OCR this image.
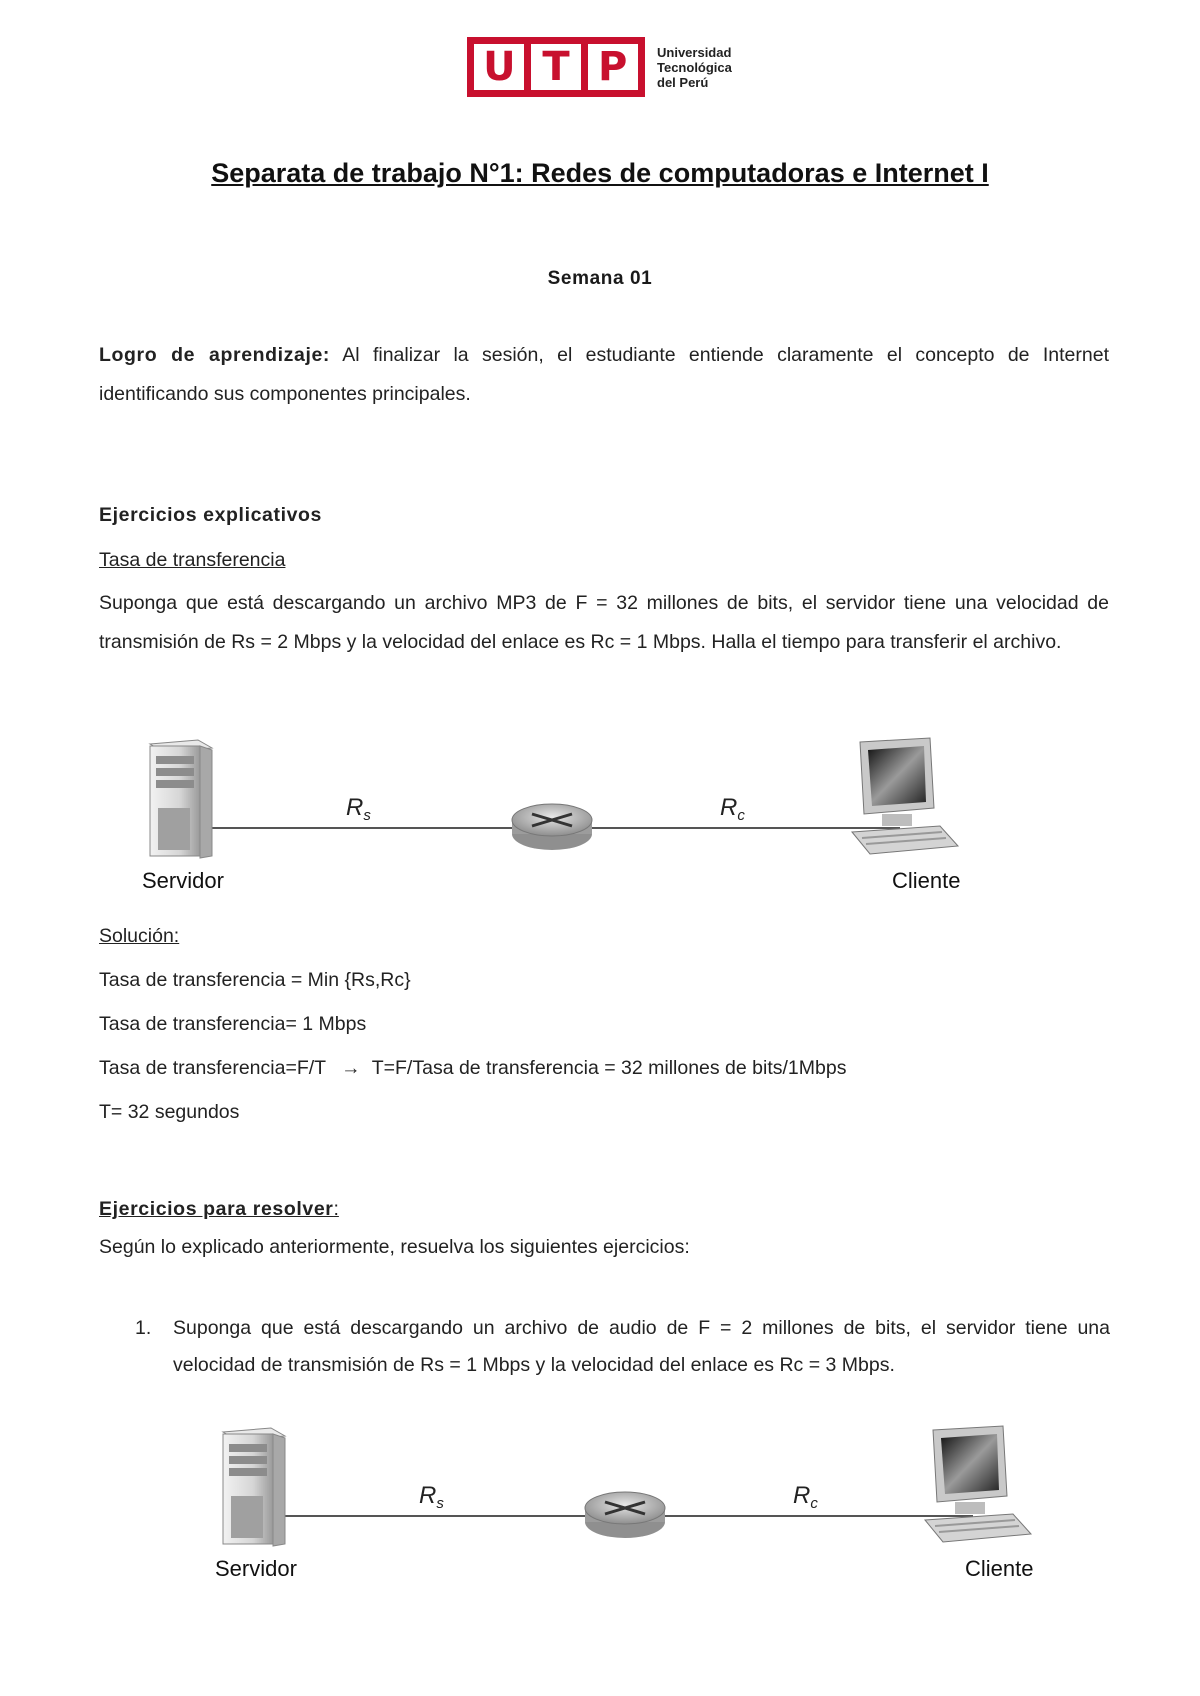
U T P	Universidad
Tecnológica
del Perú
Separata de trabajo N°1: Redes de computadoras e Internet I
Semana 01
Logro de aprendizaje: Al finalizar la sesión, el estudiante entiende claramente el concepto de Internet identificando sus componentes principales.
Ejercicios explicativos
Tasa de transferencia
Suponga que está descargando un archivo MP3 de F = 32 millones de bits, el servidor tiene una velocidad de transmisión de Rs = 2 Mbps y la velocidad del enlace es Rc = 1 Mbps. Halla el tiempo para transferir el archivo.
$R_s$	$R_c$
Servidor	Cliente
Solución:
Tasa de transferencia = Min {Rs,Rc}
Tasa de transferencia= 1 Mbps
Tasa de transferencia=F/T → T=F/Tasa de transferencia = 32 millones de bits/1Mbps
T= 32 segundos
Ejercicios para resolver:
Según lo explicado anteriormente, resuelva los siguientes ejercicios:
1. Suponga que está descargando un archivo de audio de F = 2 millones de bits, el servidor tiene una velocidad de transmisión de Rs = 1 Mbps y la velocidad del enlace es Rc = 3 Mbps.
$R_s$	$R_c$
Servidor	Cliente
